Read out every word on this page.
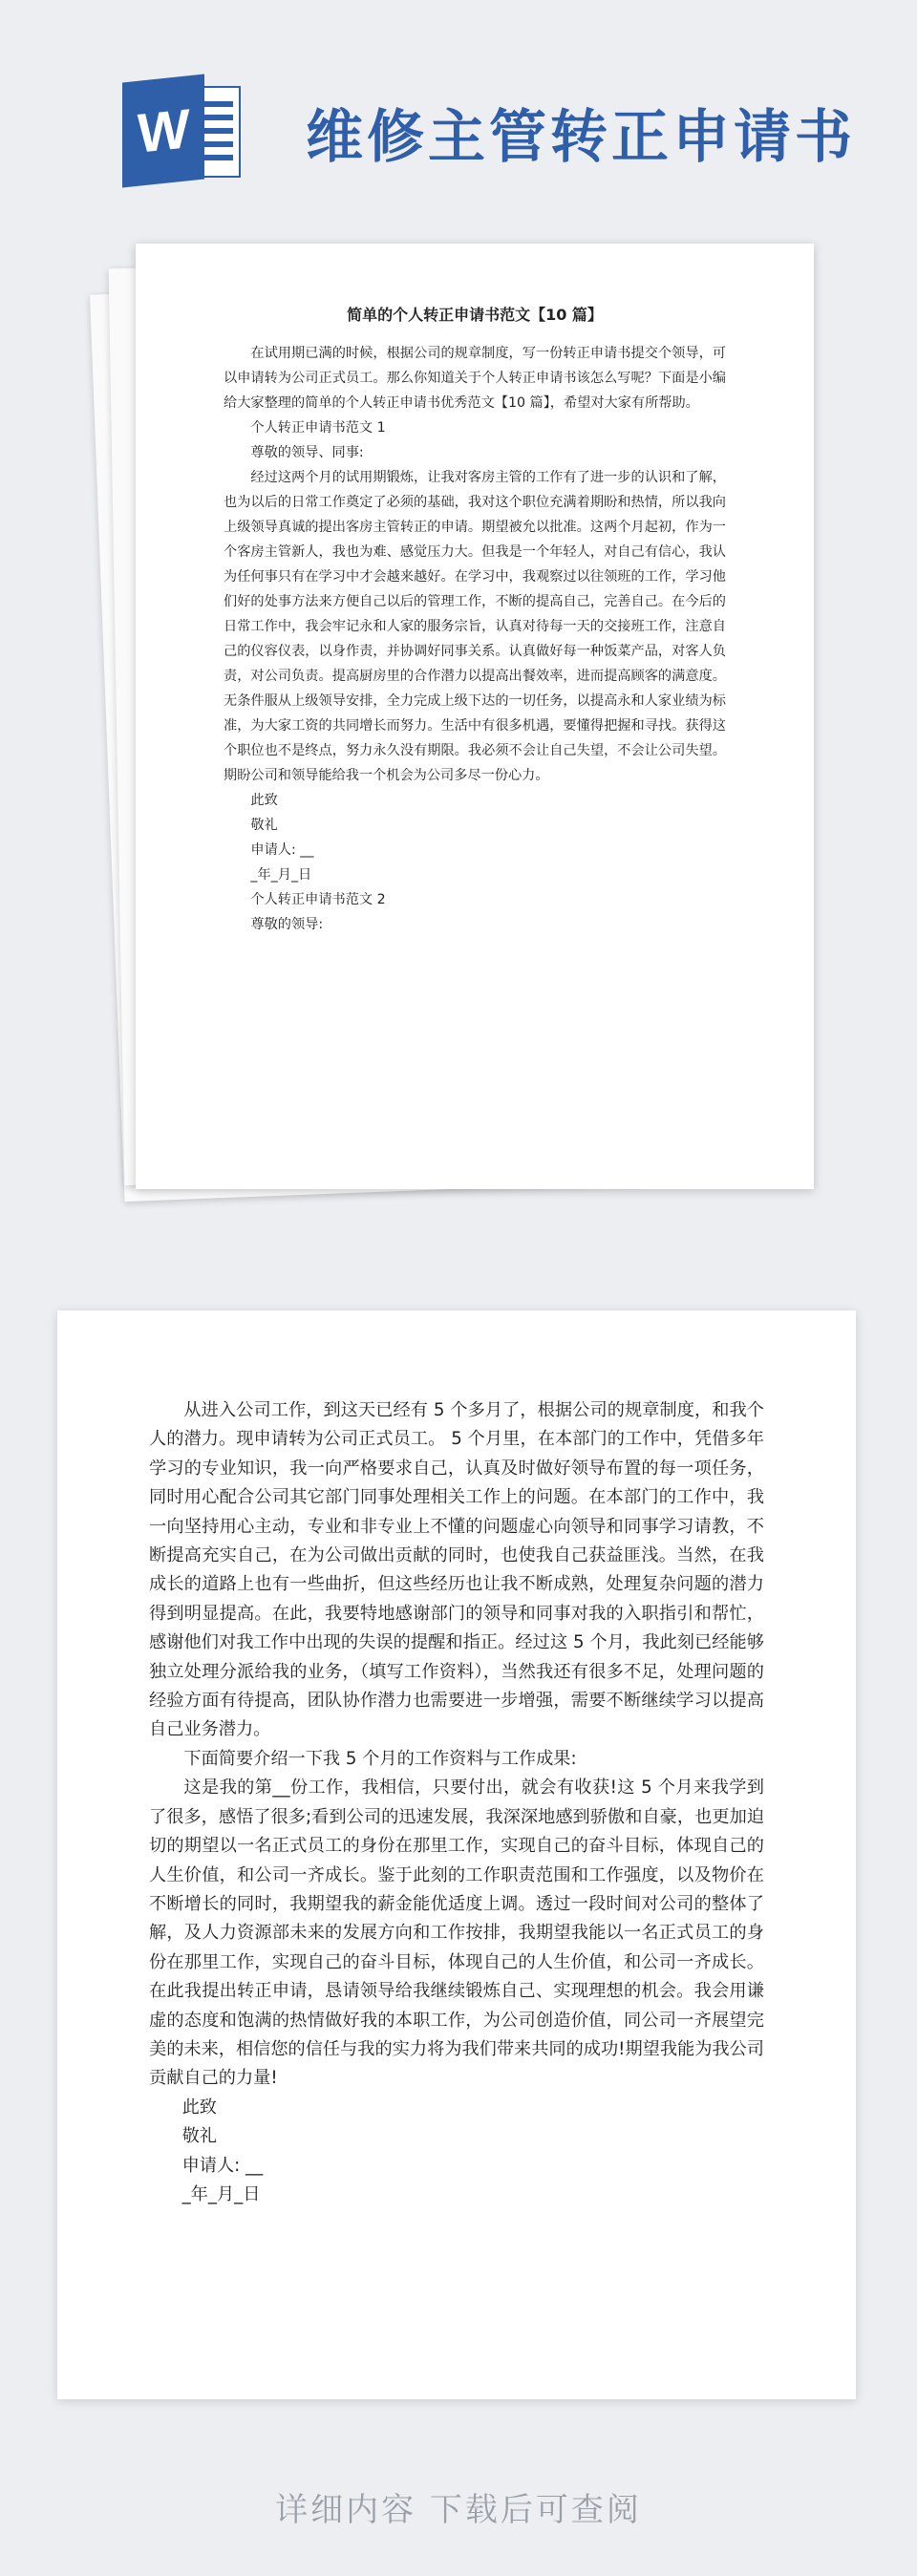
W 维修主管转正申请书
简单的个人转正申请书范文【10 篇】

在试用期已满的时候，根据公司的规章制度，写一份转正申请书提交个领导，可以申请转为公司正式员工。那么你知道关于个人转正申请书该怎么写呢？下面是小编给大家整理的简单的个人转正申请书优秀范文【10 篇】，希望对大家有所帮助。

个人转正申请书范文 1

尊敬的领导、同事:

经过这两个月的试用期锻炼，让我对客房主管的工作有了进一步的认识和了解，也为以后的日常工作奠定了必须的基础，我对这个职位充满着期盼和热情，所以我向上级领导真诚的提出客房主管转正的申请。期望被允以批准。这两个月起初，作为一个客房主管新人，我也为难、感觉压力大。但我是一个年轻人，对自己有信心，我认为任何事只有在学习中才会越来越好。在学习中，我观察过以往领班的工作，学习他们好的处事方法来方便自己以后的管理工作，不断的提高自己，完善自己。在今后的日常工作中，我会牢记永和人家的服务宗旨，认真对待每一天的交接班工作，注意自己的仪容仪表，以身作责，并协调好同事关系。认真做好每一种饭菜产品，对客人负责，对公司负责。提高厨房里的合作潜力以提高出餐效率，进而提高顾客的满意度。无条件服从上级领导安排，全力完成上级下达的一切任务，以提高永和人家业绩为标准，为大家工资的共同增长而努力。生活中有很多机遇，要懂得把握和寻找。获得这个职位也不是终点，努力永久没有期限。我必须不会让自己失望，不会让公司失望。期盼公司和领导能给我一个机会为公司多尽一份心力。

此致

敬礼

申请人: __

_年_月_日

个人转正申请书范文 2

尊敬的领导:

从进入公司工作，到这天已经有 5 个多月了，根据公司的规章制度，和我个人的潜力。现申请转为公司正式员工。 5 个月里，在本部门的工作中，凭借多年学习的专业知识，我一向严格要求自己，认真及时做好领导布置的每一项任务，同时用心配合公司其它部门同事处理相关工作上的问题。在本部门的工作中，我一向坚持用心主动，专业和非专业上不懂的问题虚心向领导和同事学习请教，不断提高充实自己，在为公司做出贡献的同时，也使我自己获益匪浅。当然，在我成长的道路上也有一些曲折，但这些经历也让我不断成熟，处理复杂问题的潜力得到明显提高。在此，我要特地感谢部门的领导和同事对我的入职指引和帮忙，感谢他们对我工作中出现的失误的提醒和指正。经过这 5 个月，我此刻已经能够独立处理分派给我的业务，（填写工作资料），当然我还有很多不足，处理问题的经验方面有待提高，团队协作潜力也需要进一步增强，需要不断继续学习以提高自己业务潜力。

下面简要介绍一下我 5 个月的工作资料与工作成果:

这是我的第__份工作，我相信，只要付出，就会有收获!这 5 个月来我学到了很多，感悟了很多;看到公司的迅速发展，我深深地感到骄傲和自豪，也更加迫切的期望以一名正式员工的身份在那里工作，实现自己的奋斗目标，体现自己的人生价值，和公司一齐成长。鉴于此刻的工作职责范围和工作强度，以及物价在不断增长的同时，我期望我的薪金能优适度上调。透过一段时间对公司的整体了解，及人力资源部未来的发展方向和工作按排，我期望我能以一名正式员工的身份在那里工作，实现自己的奋斗目标，体现自己的人生价值，和公司一齐成长。在此我提出转正申请，恳请领导给我继续锻炼自己、实现理想的机会。我会用谦虚的态度和饱满的热情做好我的本职工作，为公司创造价值，同公司一齐展望完美的未来，相信您的信任与我的实力将为我们带来共同的成功!期望我能为我公司贡献自己的力量!

此致

敬礼

申请人: __

_年_月_日

详细内容 下载后可查阅
